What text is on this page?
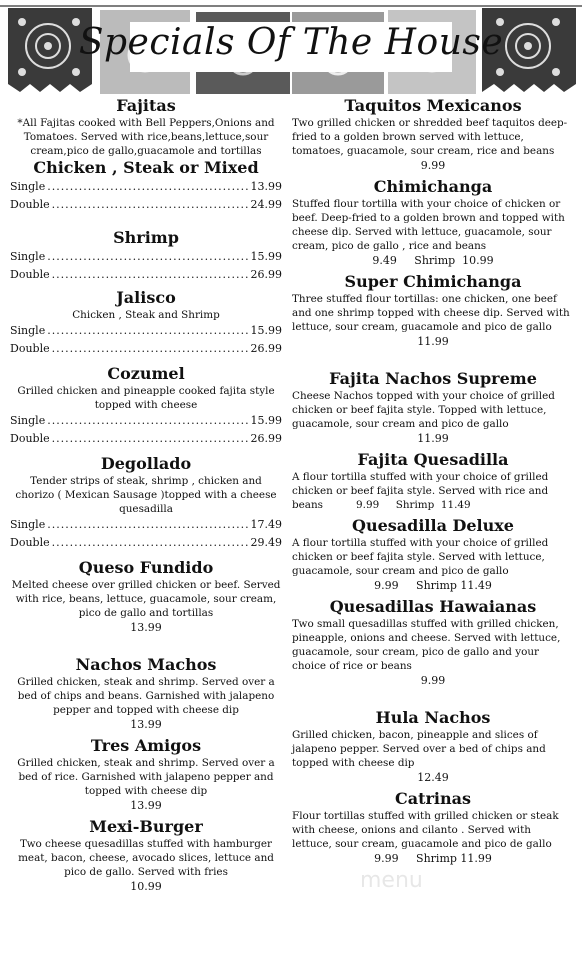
Specials Of The House
Fajitas
*All Fajitas cooked with Bell Peppers,Onions and Tomatoes. Served with rice,beans,lettuce,sour cream,pico de gallo,guacamole and tortillas
Chicken , Steak or Mixed
Single .....	13.99
Double .....	24.99
Shrimp
Single .....	15.99
Double .....	26.99
Jalisco
Chicken , Steak and Shrimp
Single .....	15.99
Double .....	26.99
Cozumel
Grilled chicken and pineapple cooked fajita style topped with cheese
Single .....	15.99
Double .....	26.99
Degollado
Tender strips of steak, shrimp , chicken and chorizo ( Mexican Sausage )topped with a cheese quesadilla
Single .....	17.49
Double .....	29.49
Queso Fundido
Melted cheese over grilled chicken or beef. Served with rice, beans, lettuce, guacamole, sour cream, pico de gallo and tortillas
13.99
Nachos Machos
Grilled chicken, steak and shrimp. Served over a bed of chips and beans. Garnished with jalapeno pepper and topped with cheese dip
13.99
Tres Amigos
Grilled chicken, steak and shrimp. Served over a bed of rice. Garnished with jalapeno pepper and topped with cheese dip
13.99
Mexi-Burger
Two cheese quesadillas stuffed with hamburger meat, bacon, cheese, avocado slices, lettuce and pico de gallo. Served with fries
10.99
Taquitos Mexicanos
Two grilled chicken or shredded beef taquitos deep-fried to a golden brown served with lettuce, tomatoes, guacamole, sour cream, rice and beans
9.99
Chimichanga
Stuffed flour tortilla with your choice of chicken or beef. Deep-fried to a golden brown and topped with cheese dip. Served with lettuce, guacamole, sour cream, pico de gallo , rice and beans
9.49     Shrimp  10.99
Super Chimichanga
Three stuffed flour tortillas: one chicken, one beef and one shrimp topped with cheese dip. Served with lettuce, sour cream, guacamole and pico de gallo
11.99
Fajita Nachos Supreme
Cheese Nachos topped with your choice of grilled chicken or beef fajita style. Topped with lettuce, guacamole, sour cream and pico de gallo
11.99
Fajita Quesadilla
A flour tortilla stuffed with your choice of grilled chicken or beef fajita style. Served with rice and beans          9.99     Shrimp  11.49
Quesadilla Deluxe
A flour tortilla stuffed with your choice of grilled chicken or beef fajita style. Served with lettuce, guacamole, sour cream and pico de gallo
9.99     Shrimp 11.49
Quesadillas Hawaianas
Two small quesadillas stuffed with grilled chicken, pineapple, onions and cheese. Served with lettuce, guacamole, sour cream, pico de gallo and your choice of rice or beans
9.99
Hula Nachos
Grilled chicken, bacon, pineapple and slices of jalapeno pepper. Served over a bed of chips and topped with cheese dip
12.49
Catrinas
Flour tortillas stuffed with grilled chicken or steak with cheese, onions and cilanto . Served with lettuce, sour cream, guacamole and pico de gallo
9.99     Shrimp 11.99
menu
